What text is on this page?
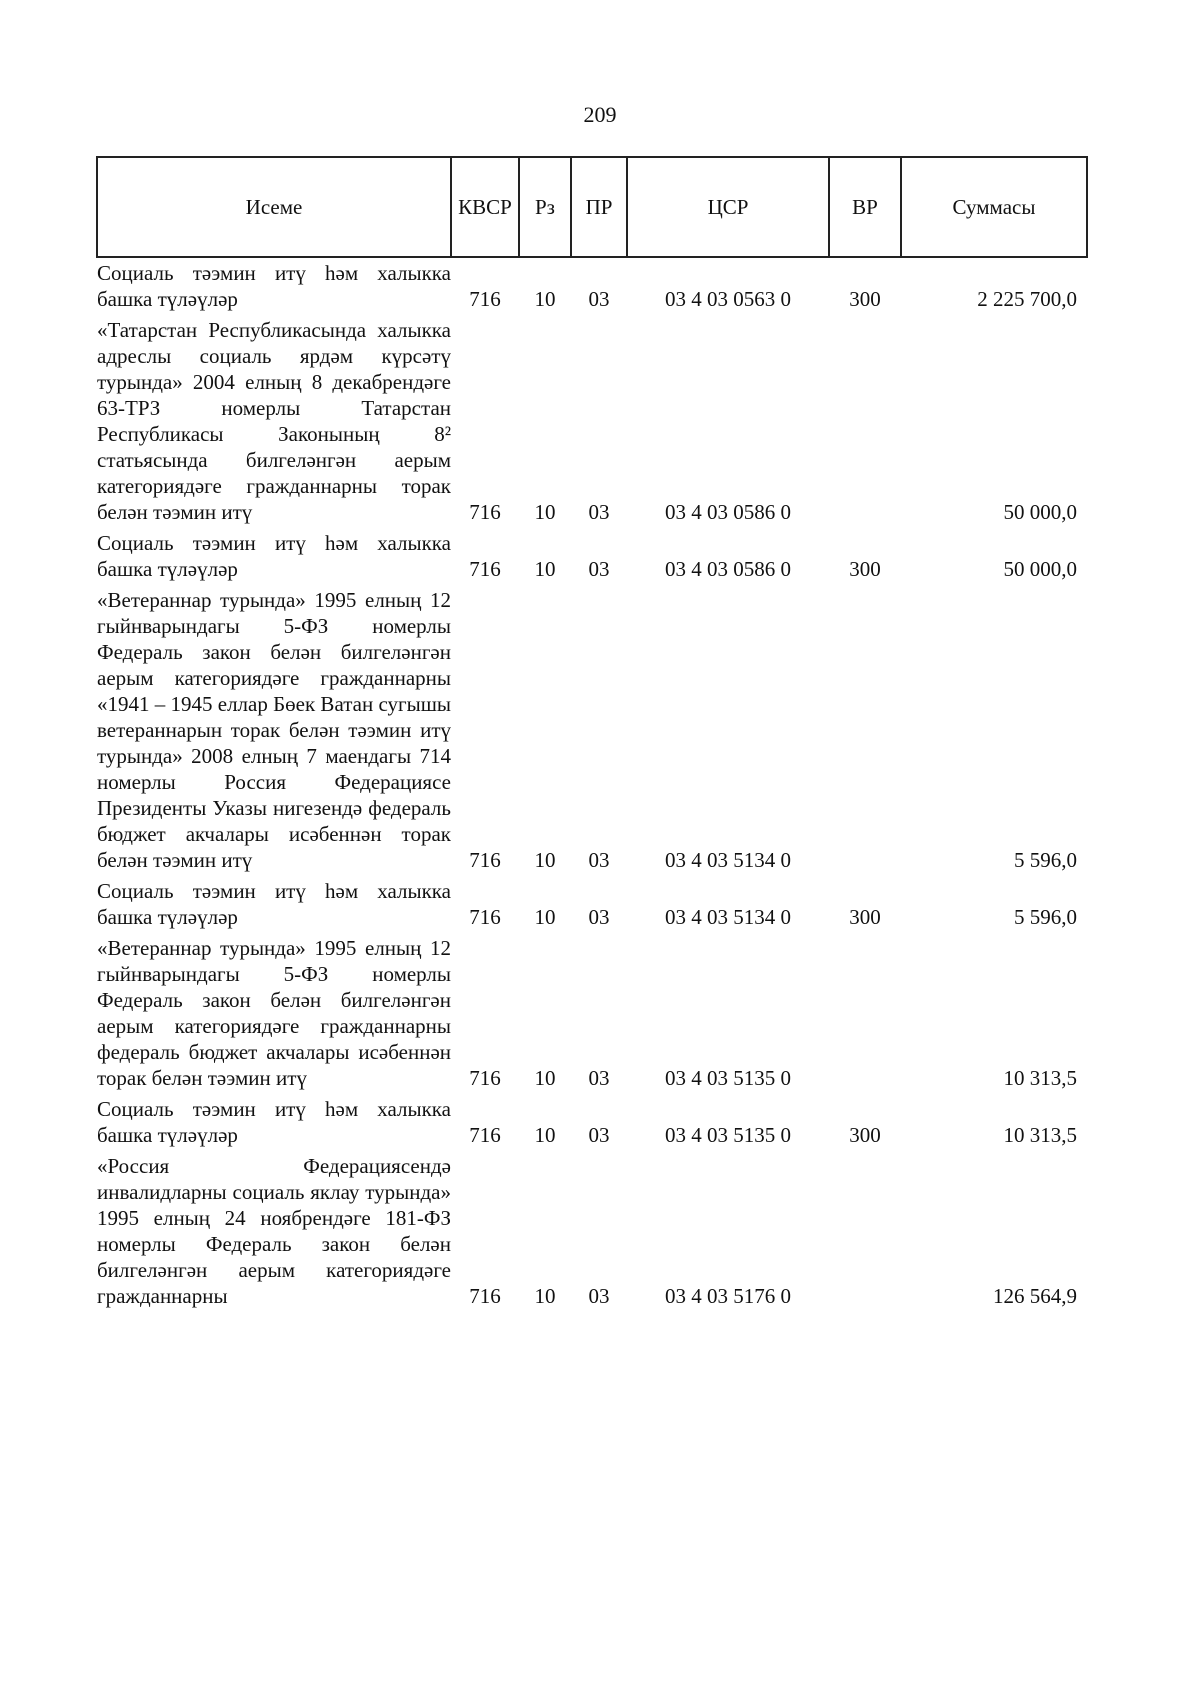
209
Исеме	КВСР	Рз	ПР	ЦСР	ВР	Суммасы
Социаль тәэмин итү һәм халыкка башка түләүләр	716	10	03	03 4 03 0563 0	300	2 225 700,0
«Татарстан Республикасында халыкка адреслы социаль ярдәм күрсәтү турында» 2004 елның 8 декабрендәге 63-ТРЗ номерлы Татарстан Республикасы Законының 8² статьясында билгеләнгән аерым категориядәге гражданнарны торак белән тәэмин итү	716	10	03	03 4 03 0586 0		50 000,0
Социаль тәэмин итү һәм халыкка башка түләүләр	716	10	03	03 4 03 0586 0	300	50 000,0
«Ветераннар турында» 1995 елның 12 гыйнварындагы 5-ФЗ номерлы Федераль закон белән билгеләнгән аерым категориядәге гражданнарны «1941 – 1945 еллар Бөек Ватан сугышы ветераннарын торак белән тәэмин итү турында» 2008 елның 7 маендагы 714 номерлы Россия Федерациясе Президенты Указы нигезендә федераль бюджет акчалары исәбеннән торак белән тәэмин итү	716	10	03	03 4 03 5134 0		5 596,0
Социаль тәэмин итү һәм халыкка башка түләүләр	716	10	03	03 4 03 5134 0	300	5 596,0
«Ветераннар турында» 1995 елның 12 гыйнварындагы 5-ФЗ номерлы Федераль закон белән билгеләнгән аерым категориядәге гражданнарны федераль бюджет акчалары исәбеннән торак белән тәэмин итү	716	10	03	03 4 03 5135 0		10 313,5
Социаль тәэмин итү һәм халыкка башка түләүләр	716	10	03	03 4 03 5135 0	300	10 313,5
«Россия Федерациясендә инвалидларны социаль яклау турында» 1995 елның 24 ноябрендәге 181-ФЗ номерлы Федераль закон белән билгеләнгән аерым категориядәге гражданнарны	716	10	03	03 4 03 5176 0		126 564,9
